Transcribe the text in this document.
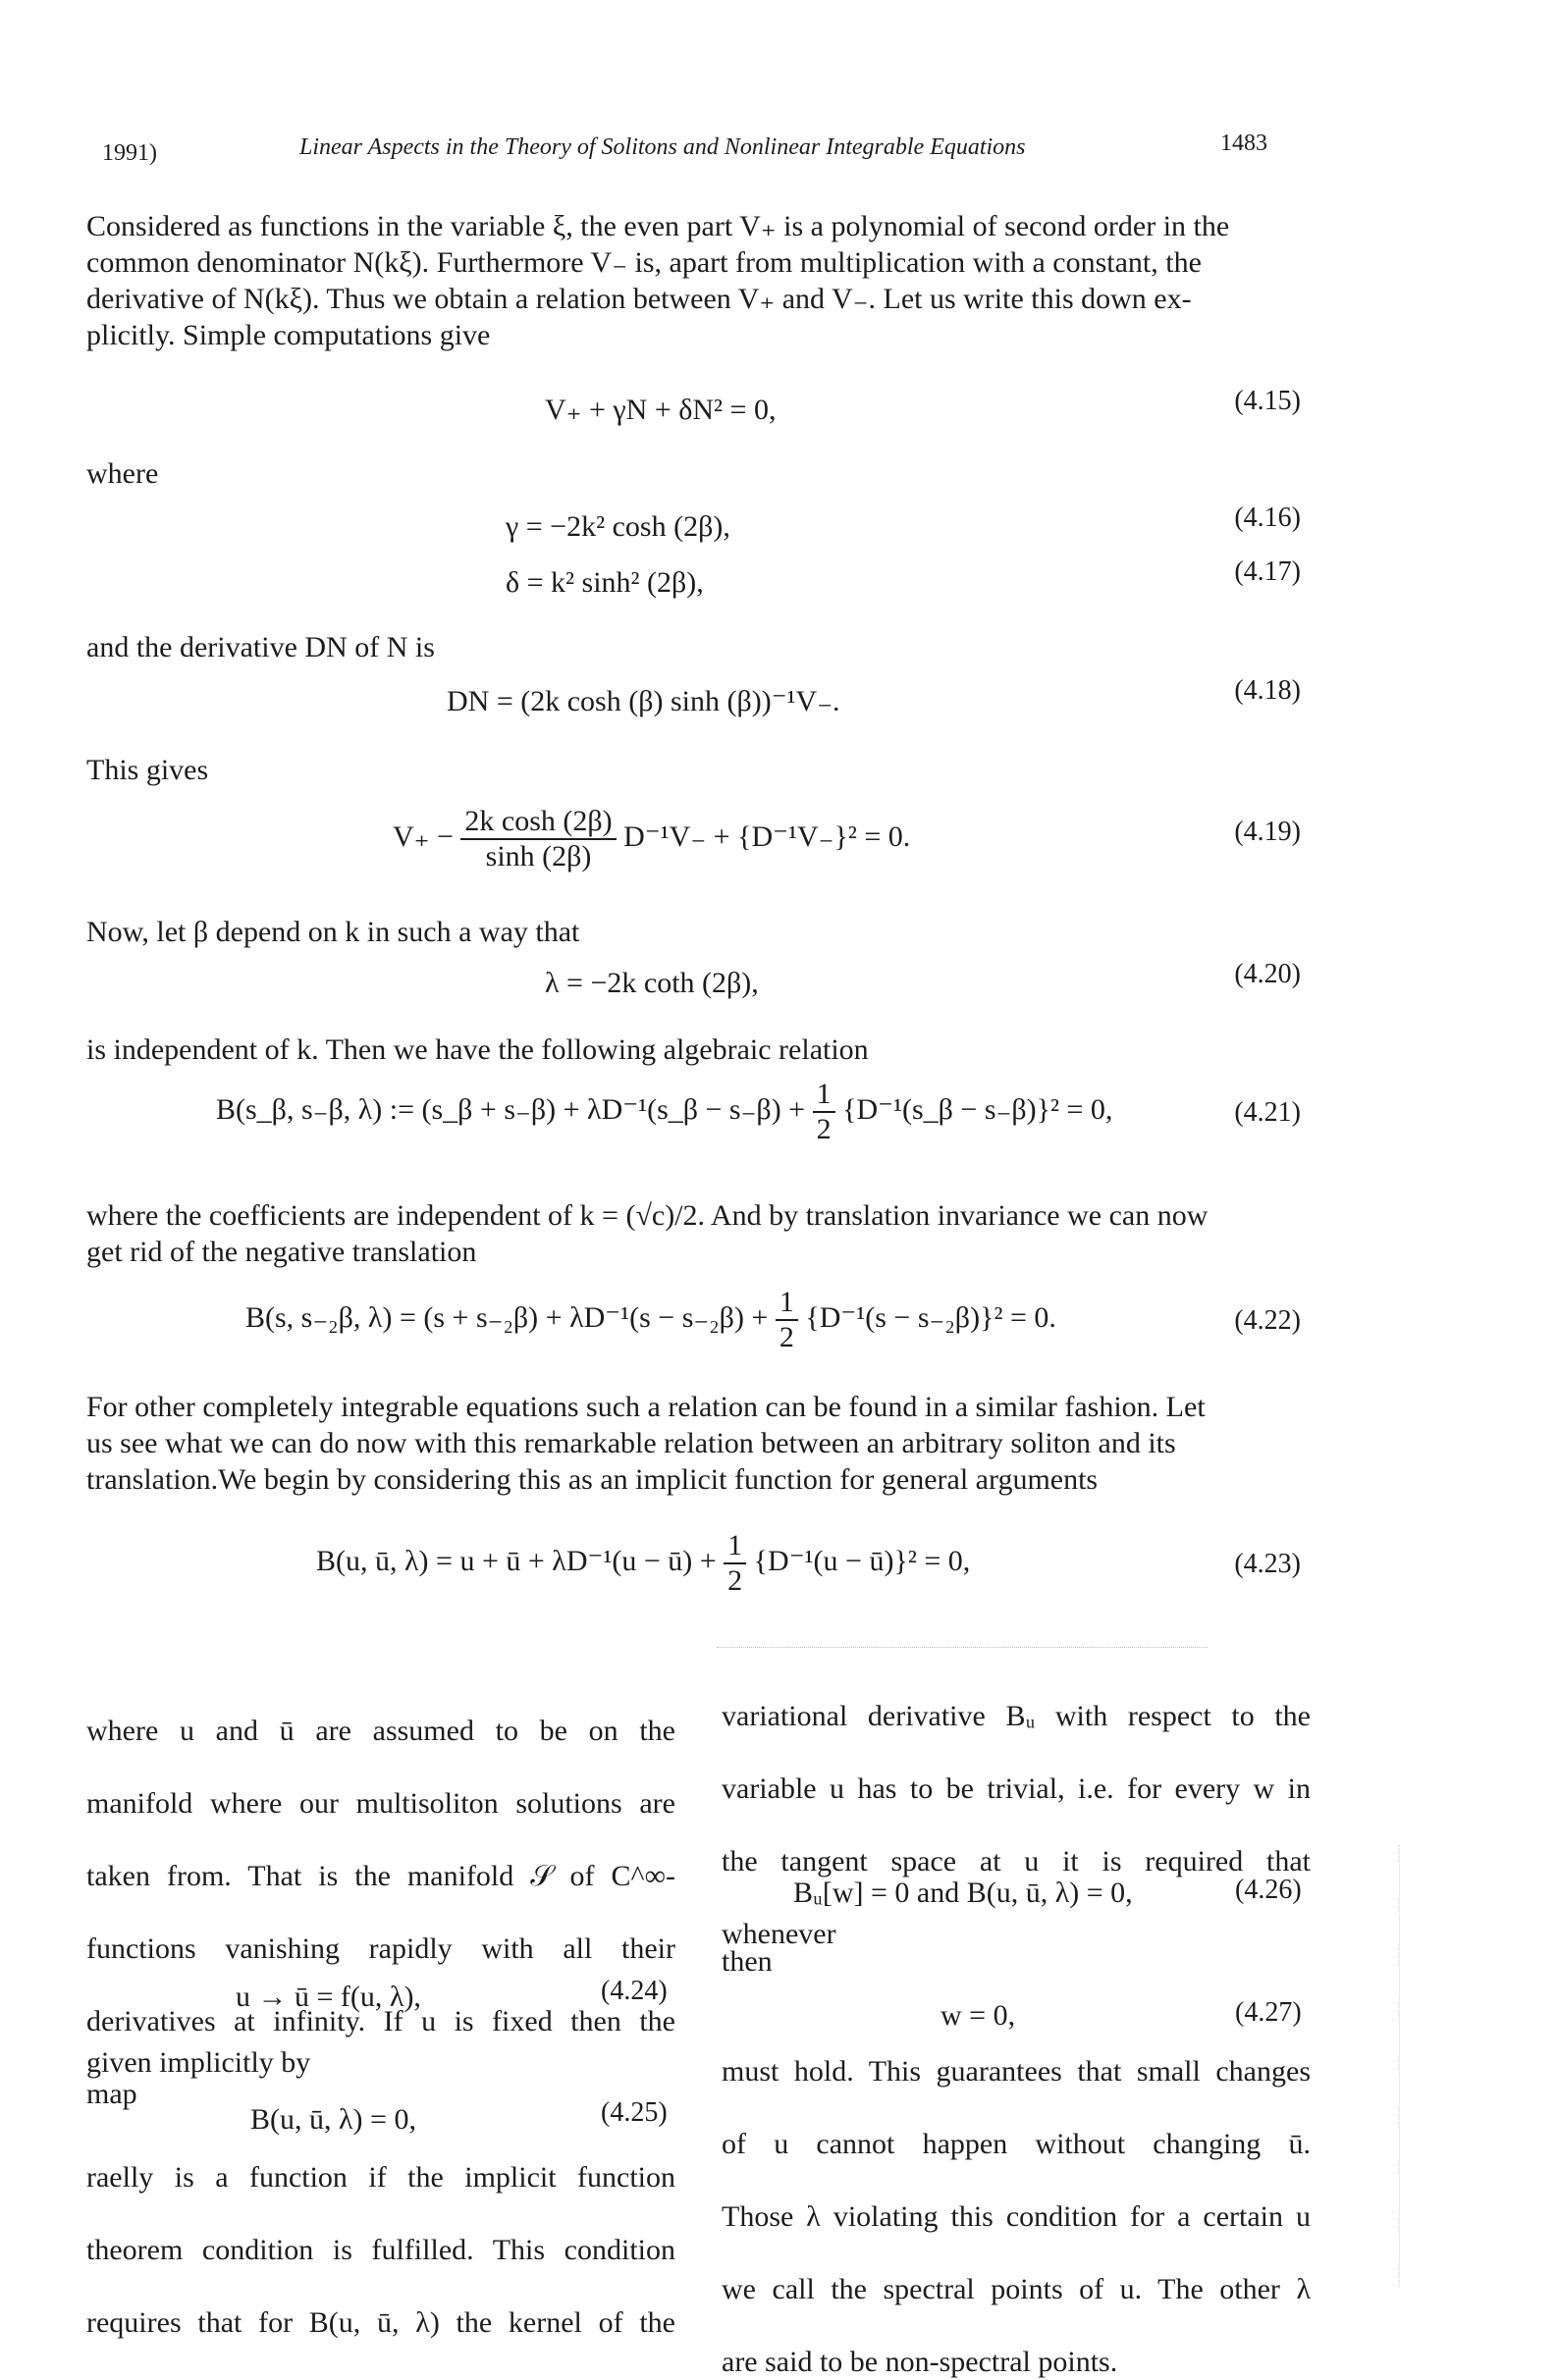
1991)	Linear Aspects in the Theory of Solitons and Nonlinear Integrable Equations	1483
Considered as functions in the variable ξ, the even part V₊ is a polynomial of second order in the
common denominator N(kξ). Furthermore V₋ is, apart from multiplication with a constant, the
derivative of N(kξ). Thus we obtain a relation between V₊ and V₋. Let us write this down ex-
plicitly. Simple computations give
V₊ + γN + δN² = 0,	(4.15)
where
γ = −2k² cosh (2β),	(4.16)
δ = k² sinh² (2β),	(4.17)
and the derivative DN of N is
DN = (2k cosh (β) sinh (β))⁻¹V₋.	(4.18)
This gives
$V_+ - \frac{\text{2k cosh (2β)}}{\sinh (2\beta)} D^{-1}V_- + \{D^{-1}V_-\}^2 = 0$.	(4.19)
Now, let β depend on k in such a way that
λ = −2k coth (2β),	(4.20)
is independent of k. Then we have the following algebraic relation
B(s_β, s₋β, λ) := (s_β + s₋β) + λD⁻¹(s_β − $s_-\beta) + \frac{1}{2}$ {D⁻¹(s_β − s₋β)}² = 0,	(4.21)
where the coefficients are independent of k = (√c)/2. And by translation invariance we can now
get rid of the negative translation
B(s, s₋₂β, $\lambda) = (s + s_{-2}\beta) + \lambda D^{-1}(s - s_{-2}\beta) + \frac{1}{2} \{D^{-1}(s - s_{-2}\beta)\}^2 = 0$.	(4.22)
For other completely integrable equations such a relation can be found in a similar fashion. Let
us see what we can do now with this remarkable relation between an arbitrary soliton and its
translation.We begin by considering this as an implicit function for general arguments
B(u, ū, λ) = u + ū + λD⁻¹(u − ū) + $\frac{1}{2} \{D^{-1}(u$ − ū)}² = 0,	(4.23)
where u and ū are assumed to be on the
manifold where our multisoliton solutions are
taken from. That is the manifold 𝒮 of C^∞-
functions vanishing rapidly with all their
derivatives at infinity. If u is fixed then the
map
u → ū = f(u, λ),	(4.24)
given implicitly by
B(u, ū, λ) = 0,	(4.25)
raelly is a function if the implicit function
theorem condition is fulfilled. This condition
requires that for B(u, ū, λ) the kernel of the
variational derivative Bᵤ with respect to the
variable u has to be trivial, i.e. for every w in
the tangent space at u it is required that
whenever
Bᵤ[w] = 0 and B(u, ū, λ) = 0,	(4.26)
then
w = 0,	(4.27)
must hold. This guarantees that small changes
of u cannot happen without changing ū.
Those λ violating this condition for a certain u
we call the spectral points of u. The other λ
are said to be non-spectral points.
